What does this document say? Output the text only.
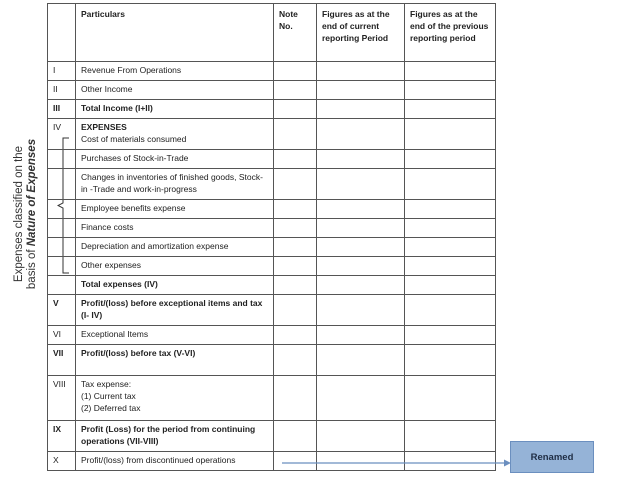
Expenses classified on the basis of Nature of Expenses
	Particulars	Note No.	Figures as at the end of current reporting Period	Figures as at the end of the previous reporting period
I	Revenue From Operations			
II	Other Income			
III	Total Income (I+II)			
IV	EXPENSES
Cost of materials consumed			

	Purchases of Stock-in-Trade			
	Changes in inventories of finished goods, Stock-in -Trade and work-in-progress			
	Employee benefits expense			
	Finance costs			
	Depreciation and amortization expense			
	Other expenses			
	Total expenses (IV)			
V	Profit/(loss) before exceptional items and tax (I- IV)			
VI	Exceptional Items			
VII	Profit/(loss) before tax (V-VI)			
VIII	Tax expense:
(1) Current tax
(2) Deferred tax			

IX	Profit (Loss) for the period from continuing operations (VII-VIII)			
X	Profit/(loss) from discontinued operations				Renamed
